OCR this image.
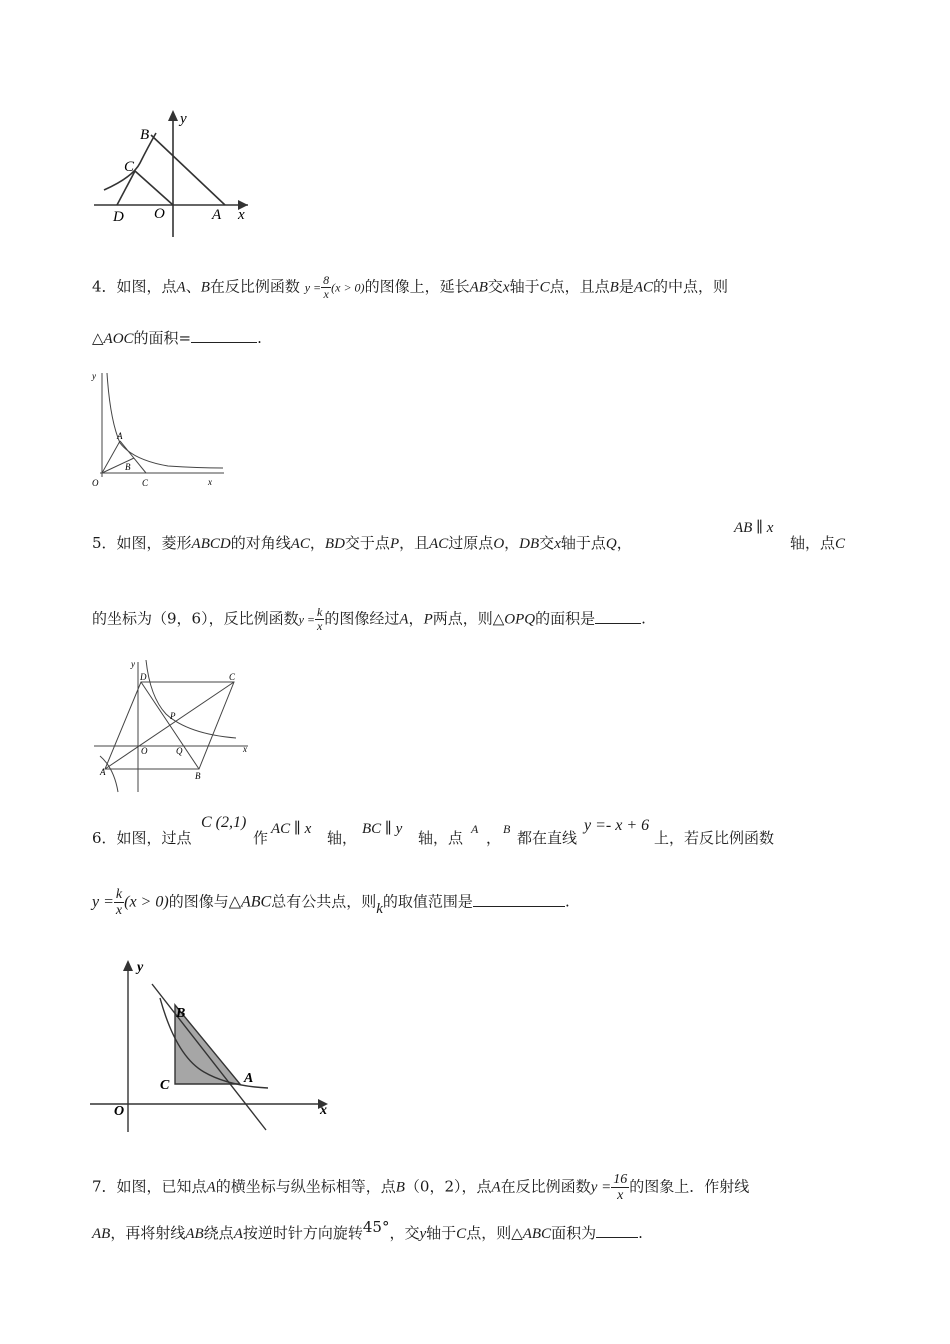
y
x
B
C
D O	A
4．如图，点A、B在反比例函数 $y = \frac{8}{x} (x > 0)$的图像上，延长AB交x轴于C点，且点B是AC的中点，则
△AOC的面积=	.
y
A
B
O	C	x
5．如图，菱形ABCD的对角线AC，BD交于点P，且AC过原点O，DB交x轴于点Q，
AB ∥ x
轴，点C
的坐标为（9，6），反比例函数$y = \frac{k}{x}$ 的图像经过A，P两点，则△OPQ的面积是	.
y
D	C
P
O	Q
A	B
x
6．如图，过点
C (2,1)
作 AC ∥ x 轴， BC ∥ y 轴，点 A ， B 都在直线
y =- x + 6
上，若反比例函数
$y = \frac{k}{x} (x > 0)$的图像与△ABC总有公共点，则k的取值范围是	.
y
B
C	A
O	x
7．如图，已知点A的横坐标与纵坐标相等，点B（0，2），点A在反比例函数$y = \frac{16}{x}$ 的图象上．作射线
AB，再将射线AB绕点A按逆时针方向旋转45°，交y轴于C点，则△ABC面积为	.
